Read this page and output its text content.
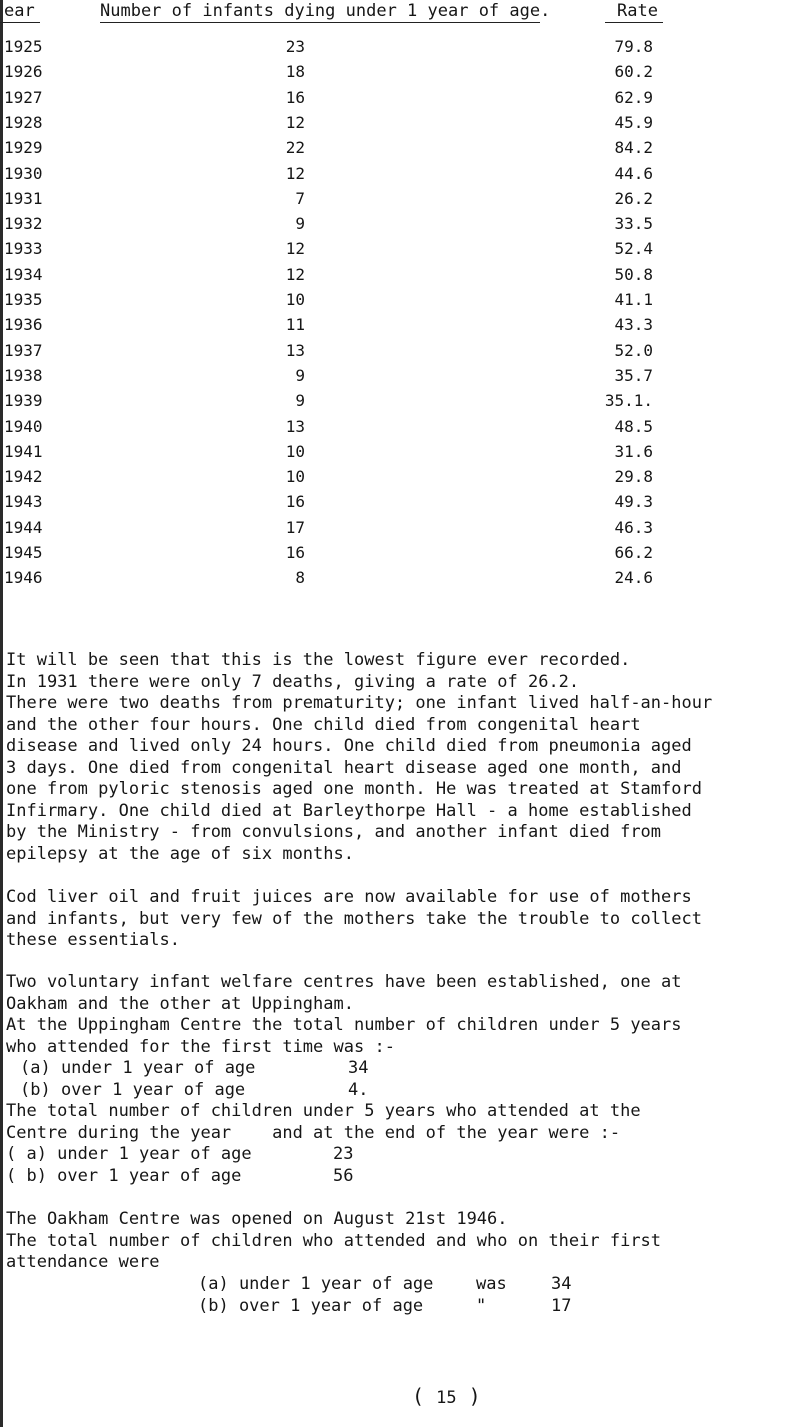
ear	Number of infants dying under 1 year of age.	Rate
1925	23	79.8
1926	18	60.2
1927	16	62.9
1928	12	45.9
1929	22	84.2
1930	12	44.6
1931	7	26.2
1932	9	33.5
1933	12	52.4
1934	12	50.8
1935	10	41.1
1936	11	43.3
1937	13	52.0
1938	9	35.7
1939	9	35.1.
1940	13	48.5
1941	10	31.6
1942	10	29.8
1943	16	49.3
1944	17	46.3
1945	16	66.2
1946	8	24.6
It will be seen that this is the lowest figure ever recorded.
In 1931 there were only 7 deaths, giving a rate of 26.2.
There were two deaths from prematurity; one infant lived half-an-hour
and the other four hours. One child died from congenital heart
disease and lived only 24 hours. One child died from pneumonia aged
3 days. One died from congenital heart disease aged one month, and
one from pyloric stenosis aged one month. He was treated at Stamford
Infirmary. One child died at Barleythorpe Hall - a home established
by the Ministry - from convulsions, and another infant died from
epilepsy at the age of six months.
Cod liver oil and fruit juices are now available for use of mothers
and infants, but very few of the mothers take the trouble to collect
these essentials.
Two voluntary infant welfare centres have been established, one at
Oakham and the other at Uppingham.
At the Uppingham Centre the total number of children under 5 years
who attended for the first time was :-
(a) under 1 year of age	34
(b) over 1 year of age	4.
The total number of children under 5 years who attended at the
Centre during the year    and at the end of the year were :-
( a) under 1 year of age	23
( b) over 1 year of age	56
The Oakham Centre was opened on August 21st 1946.
The total number of children who attended and who on their first
attendance were
(a) under 1 year of age	was	34
(b) over 1 year of age	"	17
( 15 )
